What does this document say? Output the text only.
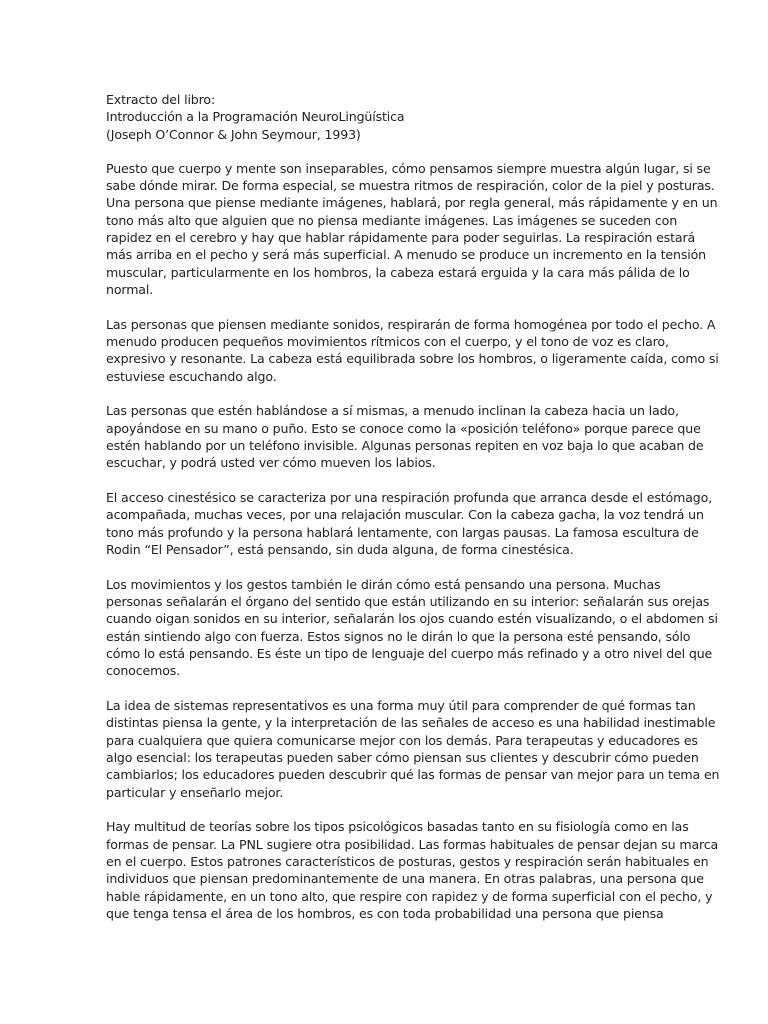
Extracto del libro:
Introducción a la Programación NeuroLingüística
(Joseph O’Connor & John Seymour, 1993)
Puesto que cuerpo y mente son inseparables, cómo pensamos siempre muestra algún lugar, si se
sabe dónde mirar. De forma especial, se muestra ritmos de respiración, color de la piel y posturas.
Una persona que piense mediante imágenes, hablará, por regla general, más rápidamente y en un
tono más alto que alguien que no piensa mediante imágenes. Las imágenes se suceden con
rapidez en el cerebro y hay que hablar rápidamente para poder seguirlas. La respiración estará
más arriba en el pecho y será más superficial. A menudo se produce un incremento en la tensión
muscular, particularmente en los hombros, la cabeza estará erguida y la cara más pálida de lo
normal.
Las personas que piensen mediante sonidos, respirarán de forma homogénea por todo el pecho. A
menudo producen pequeños movimientos rítmicos con el cuerpo, y el tono de voz es claro,
expresivo y resonante. La cabeza está equilibrada sobre los hombros, o ligeramente caída, como si
estuviese escuchando algo.
Las personas que estén hablándose a sí mismas, a menudo inclinan la cabeza hacia un lado,
apoyándose en su mano o puño. Esto se conoce como la «posición teléfono» porque parece que
estén hablando por un teléfono invisible. Algunas personas repiten en voz baja lo que acaban de
escuchar, y podrá usted ver cómo mueven los labios.
El acceso cinestésico se caracteriza por una respiración profunda que arranca desde el estómago,
acompañada, muchas veces, por una relajación muscular. Con la cabeza gacha, la voz tendrá un
tono más profundo y la persona hablará lentamente, con largas pausas. La famosa escultura de
Rodin “El Pensador”, está pensando, sin duda alguna, de forma cinestésica.
Los movimientos y los gestos también le dirán cómo está pensando una persona. Muchas
personas señalarán el órgano del sentido que están utilizando en su interior: señalarán sus orejas
cuando oigan sonidos en su interior, señalarán los ojos cuando estén visualizando, o el abdomen si
están sintiendo algo con fuerza. Estos signos no le dirán lo que la persona esté pensando, sólo
cómo lo está pensando. Es éste un tipo de lenguaje del cuerpo más refinado y a otro nivel del que
conocemos.
La idea de sistemas representativos es una forma muy útil para comprender de qué formas tan
distintas piensa la gente, y la interpretación de las señales de acceso es una habilidad inestimable
para cualquiera que quiera comunicarse mejor con los demás. Para terapeutas y educadores es
algo esencial: los terapeutas pueden saber cómo piensan sus clientes y descubrir cómo pueden
cambiarlos; los educadores pueden descubrir qué las formas de pensar van mejor para un tema en
particular y enseñarlo mejor.
Hay multitud de teorías sobre los tipos psicológicos basadas tanto en su fisiología como en las
formas de pensar. La PNL sugiere otra posibilidad. Las formas habituales de pensar dejan su marca
en el cuerpo. Estos patrones característicos de posturas, gestos y respiración serán habituales en
individuos que piensan predominantemente de una manera. En otras palabras, una persona que
hable rápidamente, en un tono alto, que respire con rapidez y de forma superficial con el pecho, y
que tenga tensa el área de los hombros, es con toda probabilidad una persona que piensa
